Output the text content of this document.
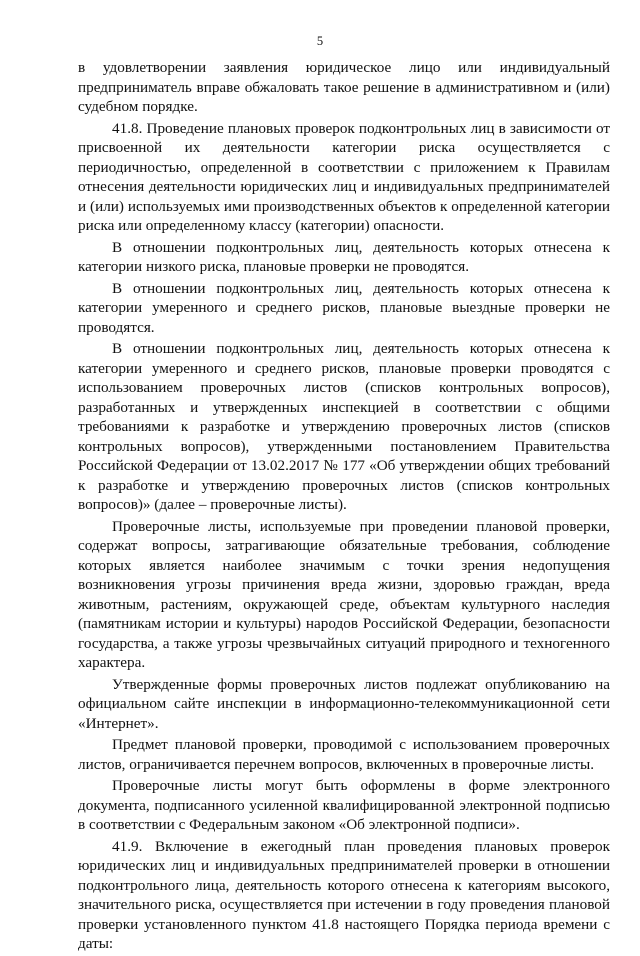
5

в удовлетворении заявления юридическое лицо или индивидуальный предприниматель вправе обжаловать такое решение в административном и (или) судебном порядке.

41.8. Проведение плановых проверок подконтрольных лиц в зависимости от присвоенной их деятельности категории риска осуществляется с периодичностью, определенной в соответствии с приложением к Правилам отнесения деятельности юридических лиц и индивидуальных предпринимателей и (или) используемых ими производственных объектов к определенной категории риска или определенному классу (категории) опасности.

В отношении подконтрольных лиц, деятельность которых отнесена к категории низкого риска, плановые проверки не проводятся.

В отношении подконтрольных лиц, деятельность которых отнесена к категории умеренного и среднего рисков, плановые выездные проверки не проводятся.

В отношении подконтрольных лиц, деятельность которых отнесена к категории умеренного и среднего рисков, плановые проверки проводятся с использованием проверочных листов (списков контрольных вопросов), разработанных и утвержденных инспекцией в соответствии с общими требованиями к разработке и утверждению проверочных листов (списков контрольных вопросов), утвержденными постановлением Правительства Российской Федерации от 13.02.2017 № 177 «Об утверждении общих требований к разработке и утверждению проверочных листов (списков контрольных вопросов)» (далее – проверочные листы).

Проверочные листы, используемые при проведении плановой проверки, содержат вопросы, затрагивающие обязательные требования, соблюдение которых является наиболее значимым с точки зрения недопущения возникновения угрозы причинения вреда жизни, здоровью граждан, вреда животным, растениям, окружающей среде, объектам культурного наследия (памятникам истории и культуры) народов Российской Федерации, безопасности государства, а также угрозы чрезвычайных ситуаций природного и техногенного характера.

Утвержденные формы проверочных листов подлежат опубликованию на официальном сайте инспекции в информационно-телекоммуникационной сети «Интернет».

Предмет плановой проверки, проводимой с использованием проверочных листов, ограничивается перечнем вопросов, включенных в проверочные листы.

Проверочные листы могут быть оформлены в форме электронного документа, подписанного усиленной квалифицированной электронной подписью в соответствии с Федеральным законом «Об электронной подписи».

41.9. Включение в ежегодный план проведения плановых проверок юридических лиц и индивидуальных предпринимателей проверки в отношении подконтрольного лица, деятельность которого отнесена к категориям высокого, значительного риска, осуществляется при истечении в году проведения плановой проверки установленного пунктом 41.8 настоящего Порядка периода времени с даты:
